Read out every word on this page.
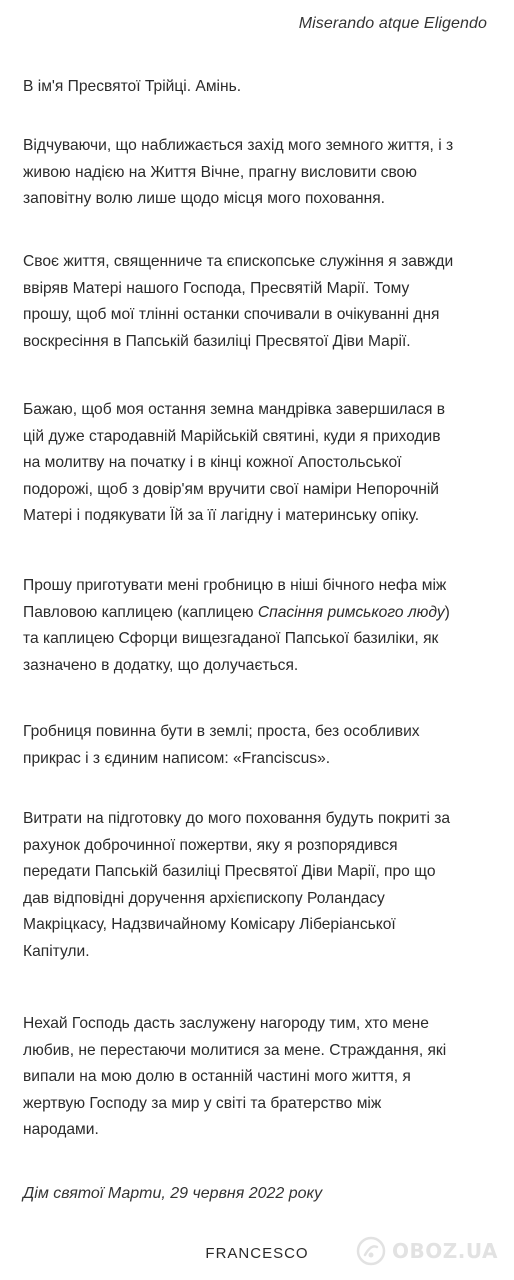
Miserando atque Eligendo
В ім'я Пресвятої Трійці. Амінь.
Відчуваючи, що наближається захід мого земного життя, і з
живою надією на Життя Вічне, прагну висловити свою
заповітну волю лише щодо місця мого поховання.
Своє життя, священниче та єпископське служіння я завжди
ввіряв Матері нашого Господа, Пресвятій Марії. Тому
прошу, щоб мої тлінні останки спочивали в очікуванні дня
воскресіння в Папській базиліці Пресвятої Діви Марії.
Бажаю, щоб моя остання земна мандрівка завершилася в
цій дуже стародавній Марійській святині, куди я приходив
на молитву на початку і в кінці кожної Апостольської
подорожі, щоб з довір'ям вручити свої наміри Непорочній
Матері і подякувати Їй за її лагідну і материнську опіку.
Прошу приготувати мені гробницю в ніші бічного нефа між
Павловою каплицею (каплицею Спасіння римського люду)
та каплицею Сфорци вищезгаданої Папської базиліки, як
зазначено в додатку, що долучається.
Гробниця повинна бути в землі; проста, без особливих
прикрас і з єдиним написом: «Franciscus».
Витрати на підготовку до мого поховання будуть покриті за
рахунок доброчинної пожертви, яку я розпорядився
передати Папській базиліці Пресвятої Діви Марії, про що
дав відповідні доручення архієпископу Роландасу
Макрiцкасу, Надзвичайному Комісару Ліберіанської
Капітули.
Нехай Господь дасть заслужену нагороду тим, хто мене
любив, не перестаючи молитися за мене. Страждання, які
випали на мою долю в останній частині мого життя, я
жертвую Господу за мир у світі та братерство між
народами.
Дім святої Марти, 29 червня 2022 року
FRANCESCO	OBOZ.UA
